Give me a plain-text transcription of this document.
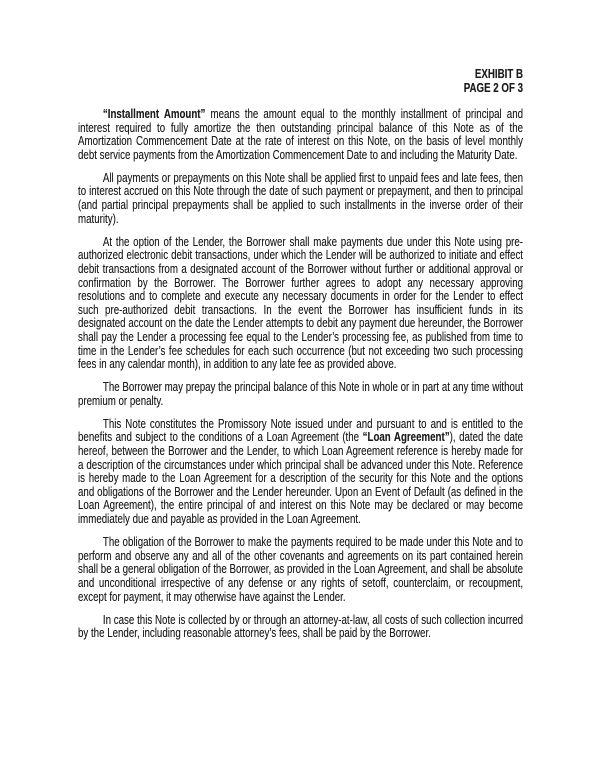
EXHIBIT B
PAGE 2 OF 3

“Installment Amount” means the amount equal to the monthly installment of principal and interest required to fully amortize the then outstanding principal balance of this Note as of the Amortization Commencement Date at the rate of interest on this Note, on the basis of level monthly debt service payments from the Amortization Commencement Date to and including the Maturity Date.

All payments or prepayments on this Note shall be applied first to unpaid fees and late fees, then to interest accrued on this Note through the date of such payment or prepayment, and then to principal (and partial principal prepayments shall be applied to such installments in the inverse order of their maturity).

At the option of the Lender, the Borrower shall make payments due under this Note using pre-authorized electronic debit transactions, under which the Lender will be authorized to initiate and effect debit transactions from a designated account of the Borrower without further or additional approval or confirmation by the Borrower. The Borrower further agrees to adopt any necessary approving resolutions and to complete and execute any necessary documents in order for the Lender to effect such pre-authorized debit transactions. In the event the Borrower has insufficient funds in its designated account on the date the Lender attempts to debit any payment due hereunder, the Borrower shall pay the Lender a processing fee equal to the Lender’s processing fee, as published from time to time in the Lender’s fee schedules for each such occurrence (but not exceeding two such processing fees in any calendar month), in addition to any late fee as provided above.

The Borrower may prepay the principal balance of this Note in whole or in part at any time without premium or penalty.

This Note constitutes the Promissory Note issued under and pursuant to and is entitled to the benefits and subject to the conditions of a Loan Agreement (the “Loan Agreement”), dated the date hereof, between the Borrower and the Lender, to which Loan Agreement reference is hereby made for a description of the circumstances under which principal shall be advanced under this Note. Reference is hereby made to the Loan Agreement for a description of the security for this Note and the options and obligations of the Borrower and the Lender hereunder. Upon an Event of Default (as defined in the Loan Agreement), the entire principal of and interest on this Note may be declared or may become immediately due and payable as provided in the Loan Agreement.

The obligation of the Borrower to make the payments required to be made under this Note and to perform and observe any and all of the other covenants and agreements on its part contained herein shall be a general obligation of the Borrower, as provided in the Loan Agreement, and shall be absolute and unconditional irrespective of any defense or any rights of setoff, counterclaim, or recoupment, except for payment, it may otherwise have against the Lender.

In case this Note is collected by or through an attorney-at-law, all costs of such collection incurred by the Lender, including reasonable attorney’s fees, shall be paid by the Borrower.
